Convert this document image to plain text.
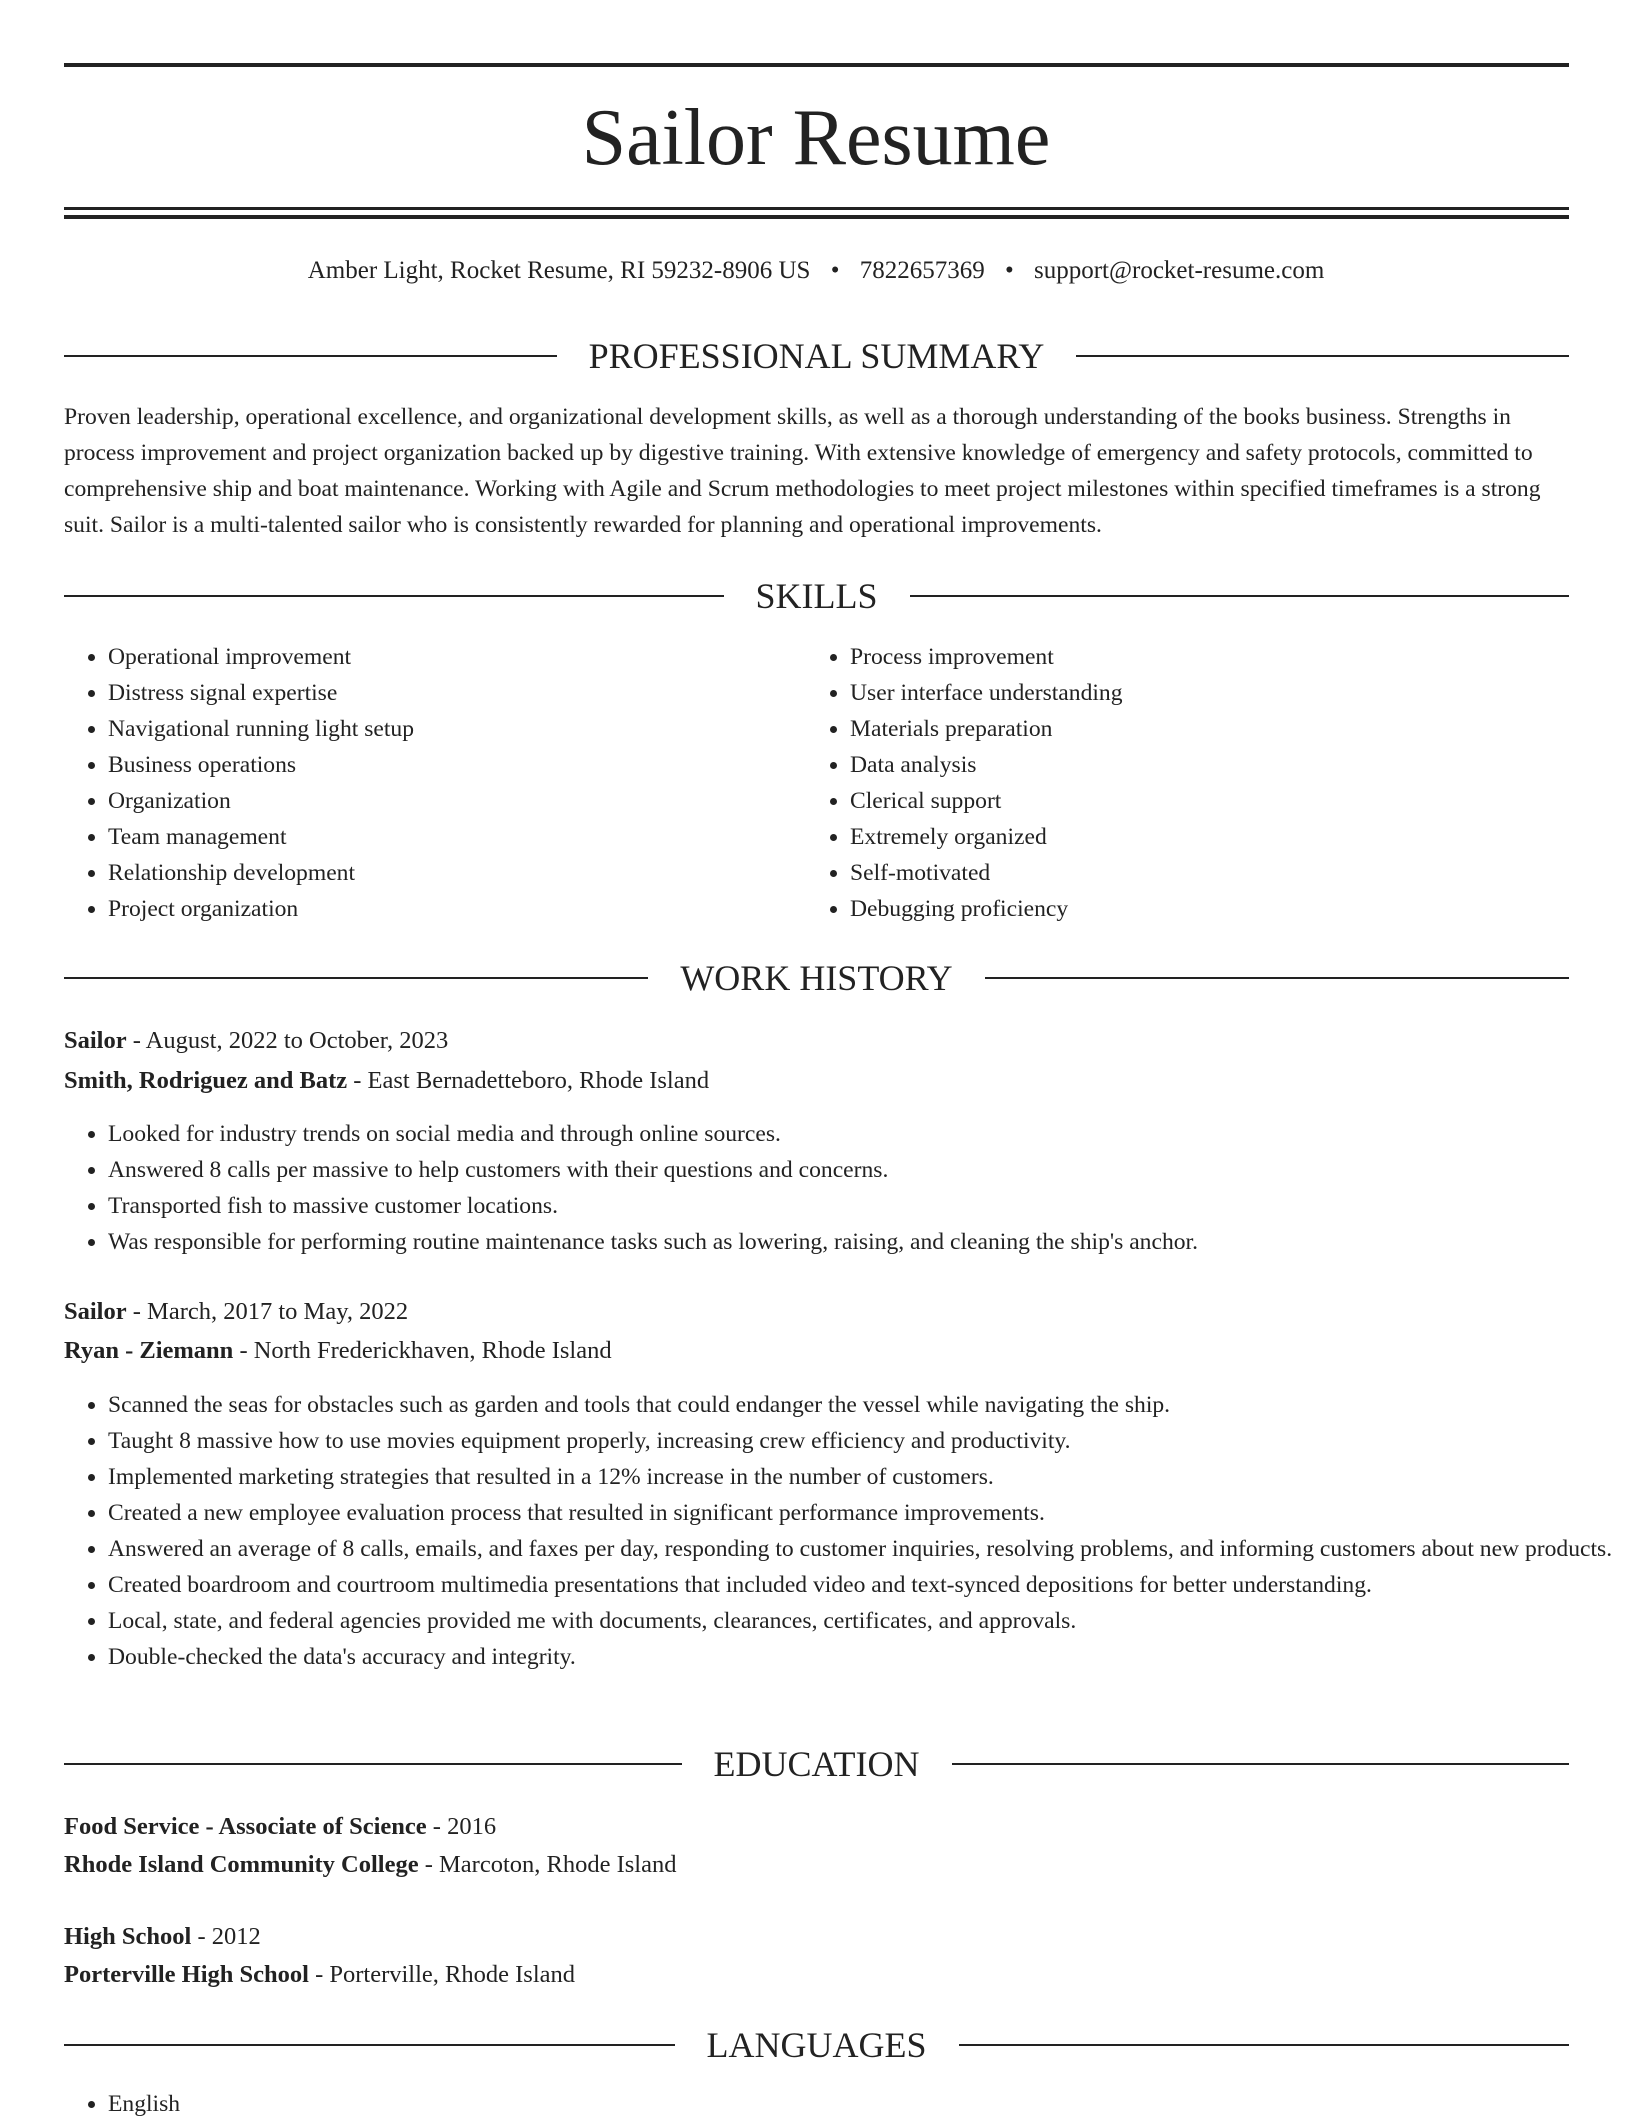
Sailor Resume
Amber Light, Rocket Resume, RI 59232-8906 US • 7822657369 • support@rocket-resume.com
PROFESSIONAL SUMMARY
Proven leadership, operational excellence, and organizational development skills, as well as a thorough understanding of the books business. Strengths in process improvement and project organization backed up by digestive training. With extensive knowledge of emergency and safety protocols, committed to comprehensive ship and boat maintenance. Working with Agile and Scrum methodologies to meet project milestones within specified timeframes is a strong suit. Sailor is a multi-talented sailor who is consistently rewarded for planning and operational improvements.
SKILLS
• Operational improvement
• Distress signal expertise
• Navigational running light setup
• Business operations
• Organization
• Team management
• Relationship development
• Project organization
• Process improvement
• User interface understanding
• Materials preparation
• Data analysis
• Clerical support
• Extremely organized
• Self-motivated
• Debugging proficiency
WORK HISTORY
Sailor - August, 2022 to October, 2023
Smith, Rodriguez and Batz - East Bernadetteboro, Rhode Island
• Looked for industry trends on social media and through online sources.
• Answered 8 calls per massive to help customers with their questions and concerns.
• Transported fish to massive customer locations.
• Was responsible for performing routine maintenance tasks such as lowering, raising, and cleaning the ship's anchor.
Sailor - March, 2017 to May, 2022
Ryan - Ziemann - North Frederickhaven, Rhode Island
• Scanned the seas for obstacles such as garden and tools that could endanger the vessel while navigating the ship.
• Taught 8 massive how to use movies equipment properly, increasing crew efficiency and productivity.
• Implemented marketing strategies that resulted in a 12% increase in the number of customers.
• Created a new employee evaluation process that resulted in significant performance improvements.
• Answered an average of 8 calls, emails, and faxes per day, responding to customer inquiries, resolving problems, and informing customers about new products.
• Created boardroom and courtroom multimedia presentations that included video and text-synced depositions for better understanding.
• Local, state, and federal agencies provided me with documents, clearances, certificates, and approvals.
• Double-checked the data's accuracy and integrity.
EDUCATION
Food Service - Associate of Science - 2016
Rhode Island Community College - Marcoton, Rhode Island
High School - 2012
Porterville High School - Porterville, Rhode Island
LANGUAGES
• English
